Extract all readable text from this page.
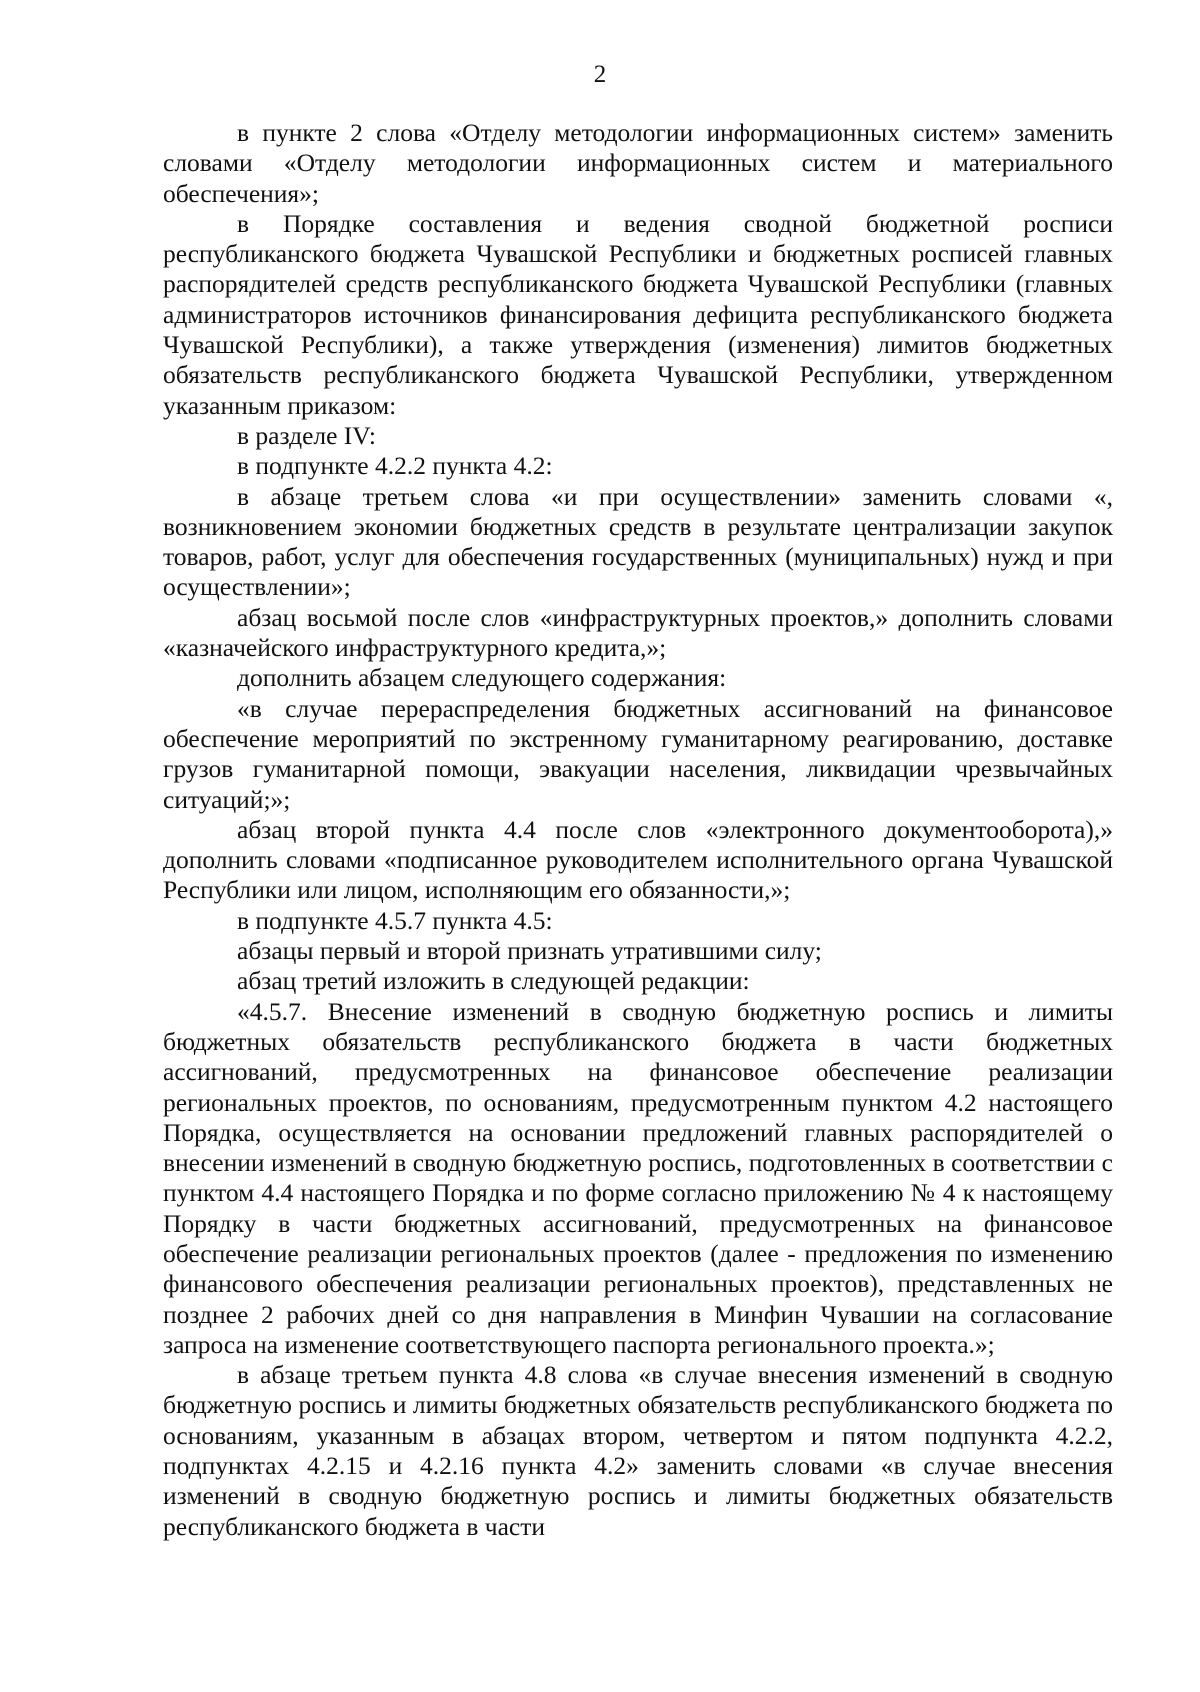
2

в пункте 2 слова «Отделу методологии информационных систем» заменить словами «Отделу методологии информационных систем и материального обеспечения»;

в Порядке составления и ведения сводной бюджетной росписи республиканского бюджета Чувашской Республики и бюджетных росписей главных распорядителей средств республиканского бюджета Чувашской Республики (главных администраторов источников финансирования дефицита республиканского бюджета Чувашской Республики), а также утверждения (изменения) лимитов бюджетных обязательств республиканского бюджета Чувашской Республики, утвержденном указанным приказом:

в разделе IV:

в подпункте 4.2.2 пункта 4.2:

в абзаце третьем слова «и при осуществлении» заменить словами «, возникновением экономии бюджетных средств в результате централизации закупок товаров, работ, услуг для обеспечения государственных (муниципальных) нужд и при осуществлении»;

абзац восьмой после слов «инфраструктурных проектов,» дополнить словами «казначейского инфраструктурного кредита,»;

дополнить абзацем следующего содержания:

«в случае перераспределения бюджетных ассигнований на финансовое обеспечение мероприятий по экстренному гуманитарному реагированию, доставке грузов гуманитарной помощи, эвакуации населения, ликвидации чрезвычайных ситуаций;»;

абзац второй пункта 4.4 после слов «электронного документооборота),» дополнить словами «подписанное руководителем исполнительного органа Чувашской Республики или лицом, исполняющим его обязанности,»;

в подпункте 4.5.7 пункта 4.5:

абзацы первый и второй признать утратившими силу;

абзац третий изложить в следующей редакции:

«4.5.7. Внесение изменений в сводную бюджетную роспись и лимиты бюджетных обязательств республиканского бюджета в части бюджетных ассигнований, предусмотренных на финансовое обеспечение реализации региональных проектов, по основаниям, предусмотренным пунктом 4.2 настоящего Порядка, осуществляется на основании предложений главных распорядителей о внесении изменений в сводную бюджетную роспись, подготовленных в соответствии с пунктом 4.4 настоящего Порядка и по форме согласно приложению № 4 к настоящему Порядку в части бюджетных ассигнований, предусмотренных на финансовое обеспечение реализации региональных проектов (далее - предложения по изменению финансового обеспечения реализации региональных проектов), представленных не позднее 2 рабочих дней со дня направления в Минфин Чувашии на согласование запроса на изменение соответствующего паспорта регионального проекта.»;

в абзаце третьем пункта 4.8 слова «в случае внесения изменений в сводную бюджетную роспись и лимиты бюджетных обязательств республиканского бюджета по основаниям, указанным в абзацах втором, четвертом и пятом подпункта 4.2.2, подпунктах 4.2.15 и 4.2.16 пункта 4.2» заменить словами «в случае внесения изменений в сводную бюджетную роспись и лимиты бюджетных обязательств республиканского бюджета в части
